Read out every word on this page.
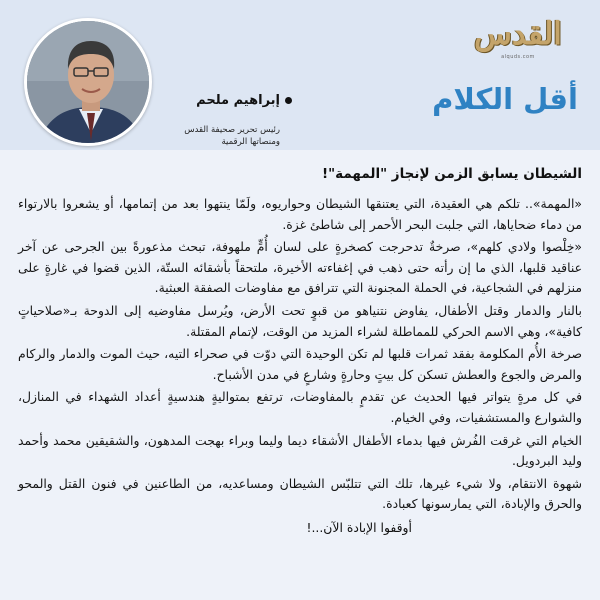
إبراهيم ملحم
رئيس تحرير صحيفة القدس
ومنصاتها الرقمية
القدس
alquds.com
أقل الكلام
الشيطان يسابق الزمن لإنجاز "المهمة"!

«المهمة».. تلكم هي العقيدة، التي يعتنقها الشيطان وحواريوه، ولَمّا ينتهوا بعد من إتمامها، أو يشعروا بالارتواء من دماء ضحاياها، التي جلبت البحر الأحمر إلى شاطئ غزة.

«خِلْصوا ولادي كلهم»، صرخةٌ تدحرجت كصخرةٍ على لسان أُمٍّ ملهوفة، تبحث مذعورةً بين الجرحى عن آخر عناقيد قلبها، الذي ما إن رأته حتى ذهب في إغفاءته الأخيرة، ملتحقاً بأشقائه الستّة، الذين قضوا في غارةٍ على منزلهم في الشجاعية، في الحملة المجنونة التي تترافق مع مفاوضات الصفقة العبثية.

بالنار والدمار وقتل الأطفال، يفاوض نتنياهو من قبوٍ تحت الأرض، ويُرسل مفاوضيه إلى الدوحة بـ«صلاحياتٍ كافية»، وهي الاسم الحركي للمماطلة لشراء المزيد من الوقت، لإتمام المقتلة.

صرخة الأُم المكلومة بفقد ثمرات قلبها لم تكن الوحيدة التي دوّت في صحراء التيه، حيث الموت والدمار والركام والمرض والجوع والعطش تسكن كل بيتٍ وحارةٍ وشارعٍ في مدن الأشباح.

في كل مرةٍ يتواتر فيها الحديث عن تقدمٍ بالمفاوضات، ترتفع بمتواليةٍ هندسيةٍ أعداد الشهداء في المنازل، والشوارع والمستشفيات، وفي الخيام.

الخيام التي غرقت الفُرش فيها بدماء الأطفال الأشقاء ديما وليما وبراء بهجت المدهون، والشقيقين محمد وأحمد وليد البردويل.

شهوة الانتقام، ولا شيء غيرها، تلك التي تتلبّس الشيطان ومساعديه، من الطاعنين في فنون القتل والمحو والحرق والإبادة، التي يمارسونها كعبادة.

أوقفوا الإبادة الآن...!
